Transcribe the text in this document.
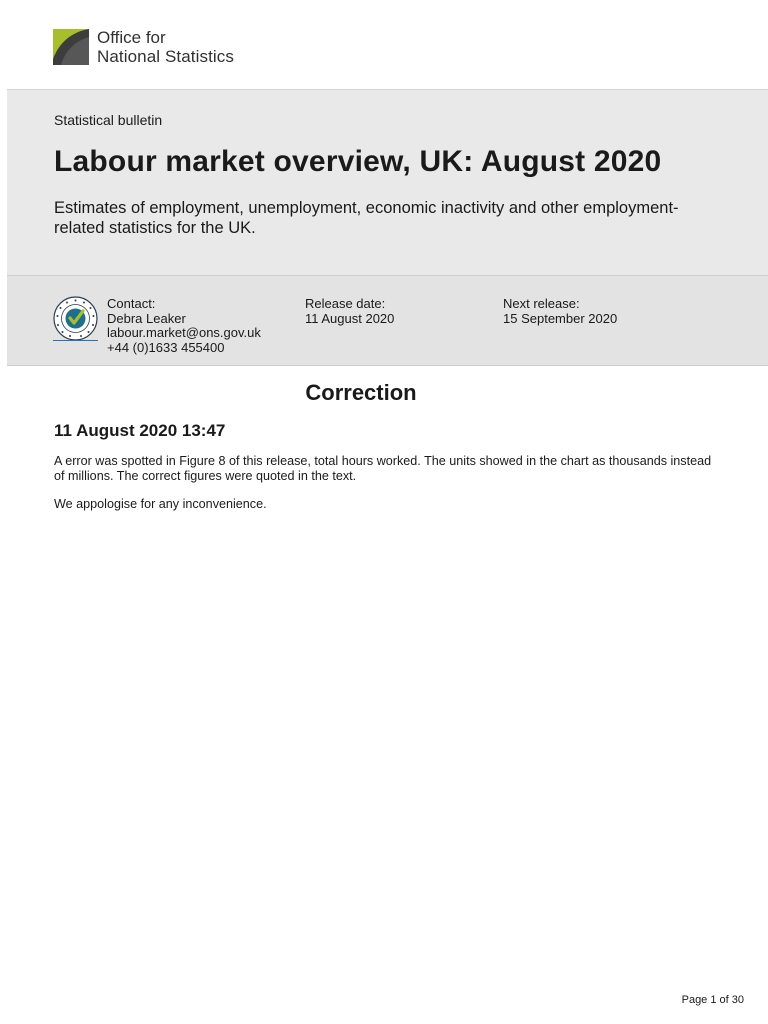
Office for
National Statistics
Statistical bulletin
Labour market overview, UK: August 2020

Estimates of employment, unemployment, economic inactivity and other employment-related statistics for the UK.

Contact:
Debra Leaker
labour.market@ons.gov.uk
+44 (0)1633 455400
Release date:
11 August 2020
Next release:
15 September 2020
Correction
11 August 2020 13:47

A error was spotted in Figure 8 of this release, total hours worked. The units showed in the chart as thousands instead of millions. The correct figures were quoted in the text.

We appologise for any inconvenience.

Page 1 of 30
